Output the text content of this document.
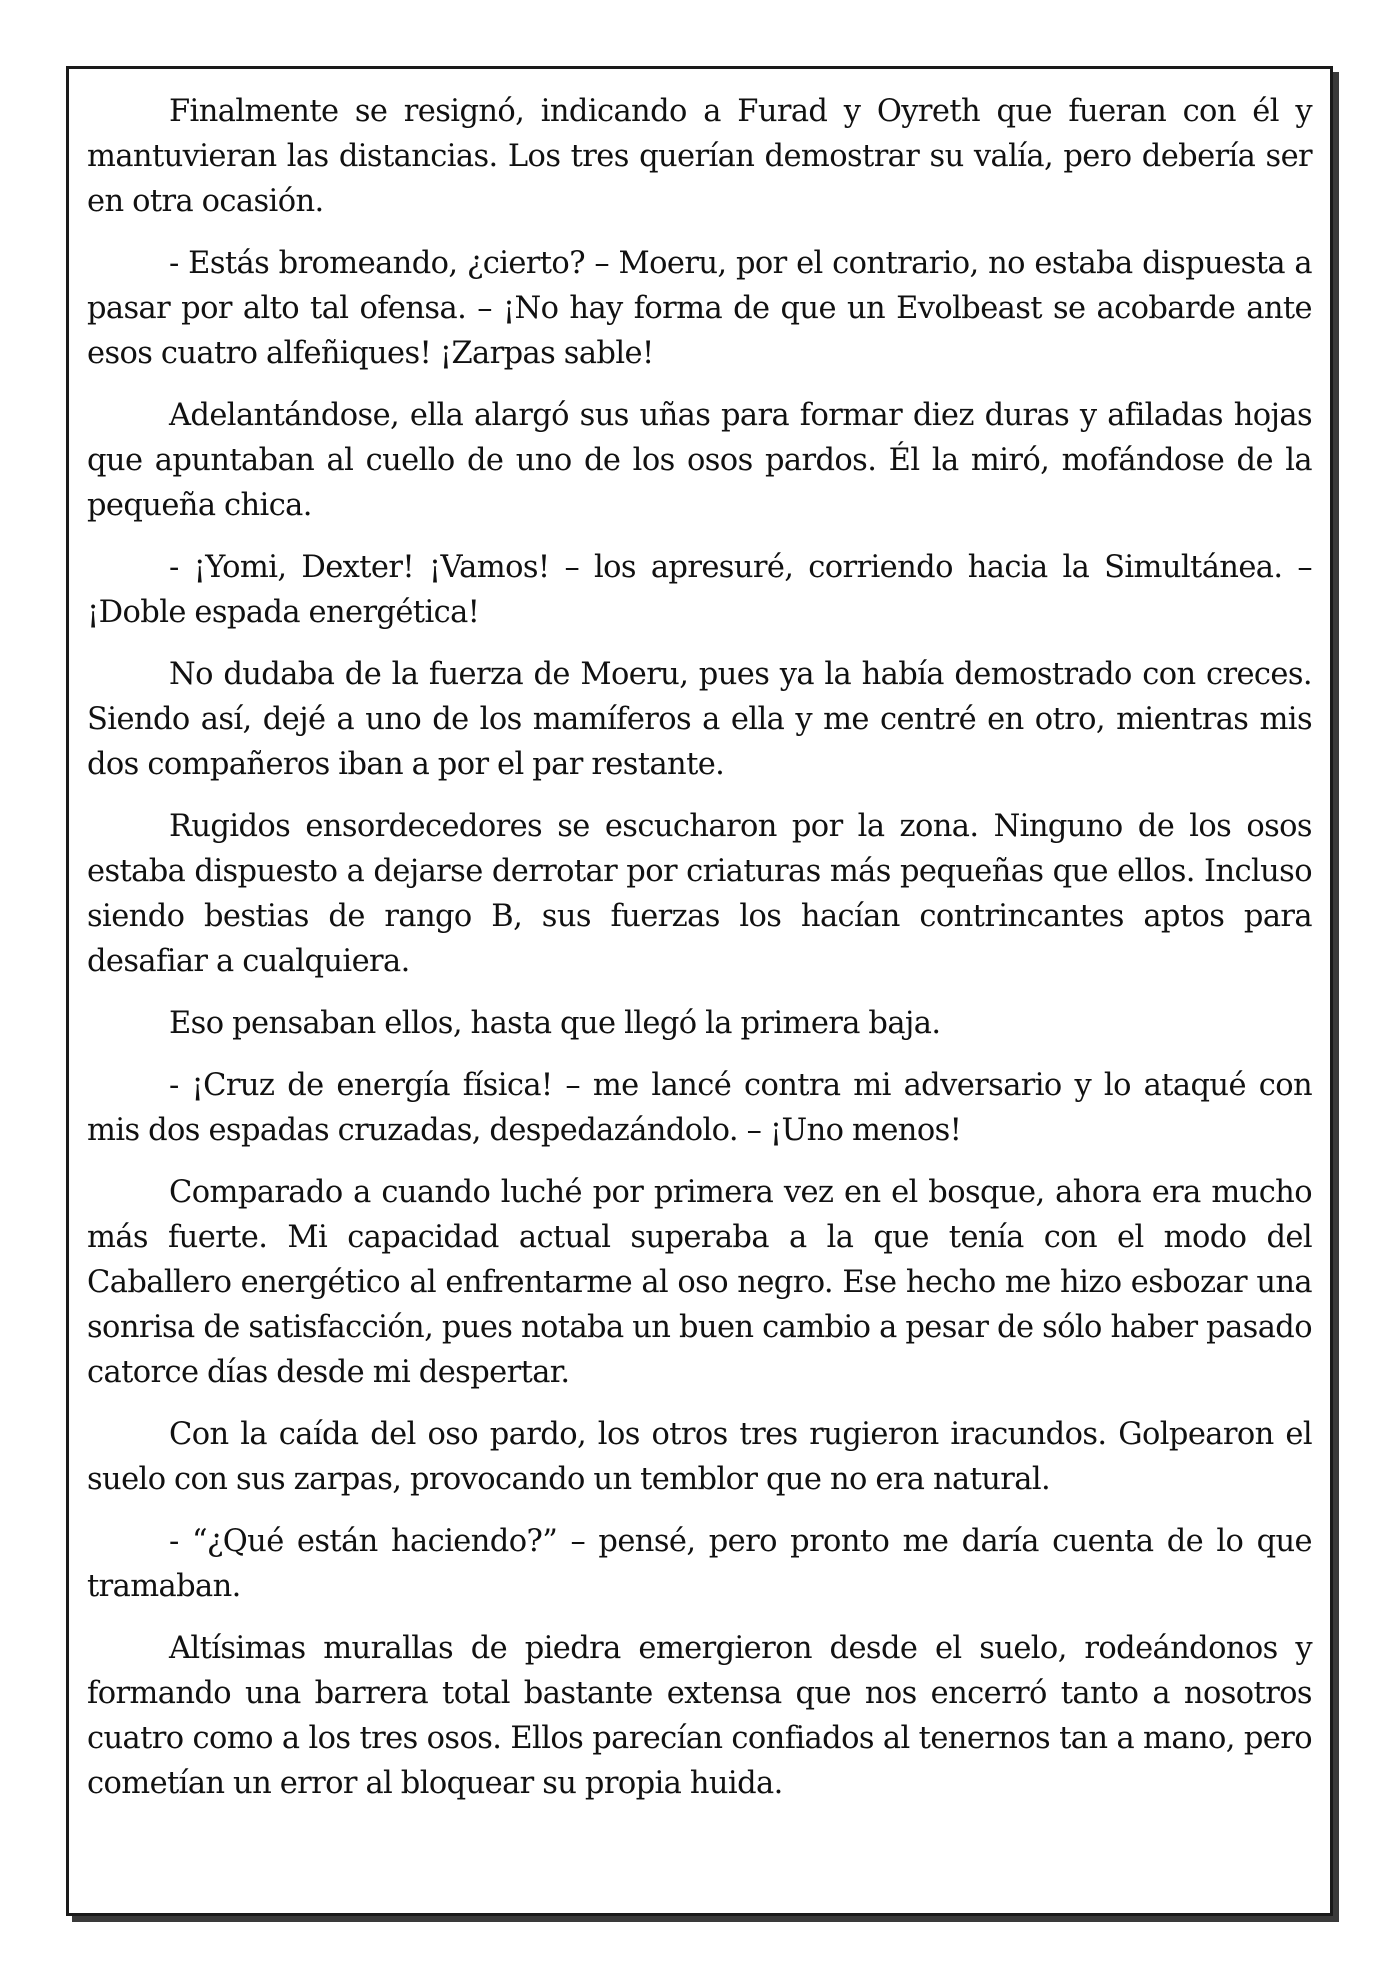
Finalmente se resignó, indicando a Furad y Oyreth que fueran con él y mantuvieran las distancias. Los tres querían demostrar su valía, pero debería ser en otra ocasión.

- Estás bromeando, ¿cierto? – Moeru, por el contrario, no estaba dispuesta a pasar por alto tal ofensa. – ¡No hay forma de que un Evolbeast se acobarde ante esos cuatro alfeñiques! ¡Zarpas sable!

Adelantándose, ella alargó sus uñas para formar diez duras y afiladas hojas que apuntaban al cuello de uno de los osos pardos. Él la miró, mofándose de la pequeña chica.

- ¡Yomi, Dexter! ¡Vamos! – los apresuré, corriendo hacia la Simultánea. – ¡Doble espada energética!

No dudaba de la fuerza de Moeru, pues ya la había demostrado con creces. Siendo así, dejé a uno de los mamíferos a ella y me centré en otro, mientras mis dos compañeros iban a por el par restante.

Rugidos ensordecedores se escucharon por la zona. Ninguno de los osos estaba dispuesto a dejarse derrotar por criaturas más pequeñas que ellos. Incluso siendo bestias de rango B, sus fuerzas los hacían contrincantes aptos para desafiar a cualquiera.

Eso pensaban ellos, hasta que llegó la primera baja.

- ¡Cruz de energía física! – me lancé contra mi adversario y lo ataqué con mis dos espadas cruzadas, despedazándolo. – ¡Uno menos!

Comparado a cuando luché por primera vez en el bosque, ahora era mucho más fuerte. Mi capacidad actual superaba a la que tenía con el modo del Caballero energético al enfrentarme al oso negro. Ese hecho me hizo esbozar una sonrisa de satisfacción, pues notaba un buen cambio a pesar de sólo haber pasado catorce días desde mi despertar.

Con la caída del oso pardo, los otros tres rugieron iracundos. Golpearon el suelo con sus zarpas, provocando un temblor que no era natural.

- “¿Qué están haciendo?” – pensé, pero pronto me daría cuenta de lo que tramaban.

Altísimas murallas de piedra emergieron desde el suelo, rodeándonos y formando una barrera total bastante extensa que nos encerró tanto a nosotros cuatro como a los tres osos. Ellos parecían confiados al tenernos tan a mano, pero cometían un error al bloquear su propia huida.
